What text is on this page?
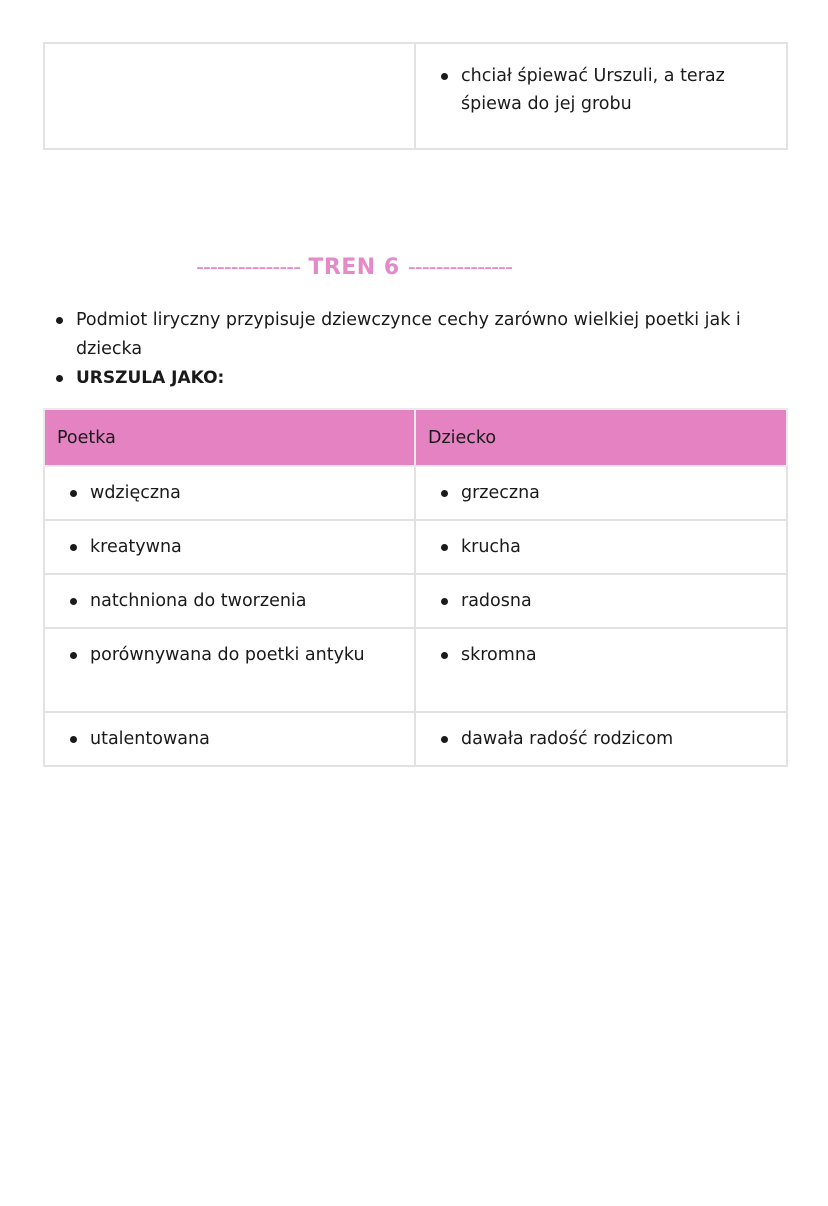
chciał śpiewać Urszuli, a teraz śpiewa do jej grobu
--------------- TREN 6 ---------------
Podmiot liryczny przypisuje dziewczynce cechy zarówno wielkiej poetki jak i dziecka
URSZULA JAKO:
Poetka	Dziecko

wdzięczna	grzeczna

kreatywna	krucha

natchniona do tworzenia	radosna

porównywana do poetki antyku	skromna

utalentowana	dawała radość rodzicom
